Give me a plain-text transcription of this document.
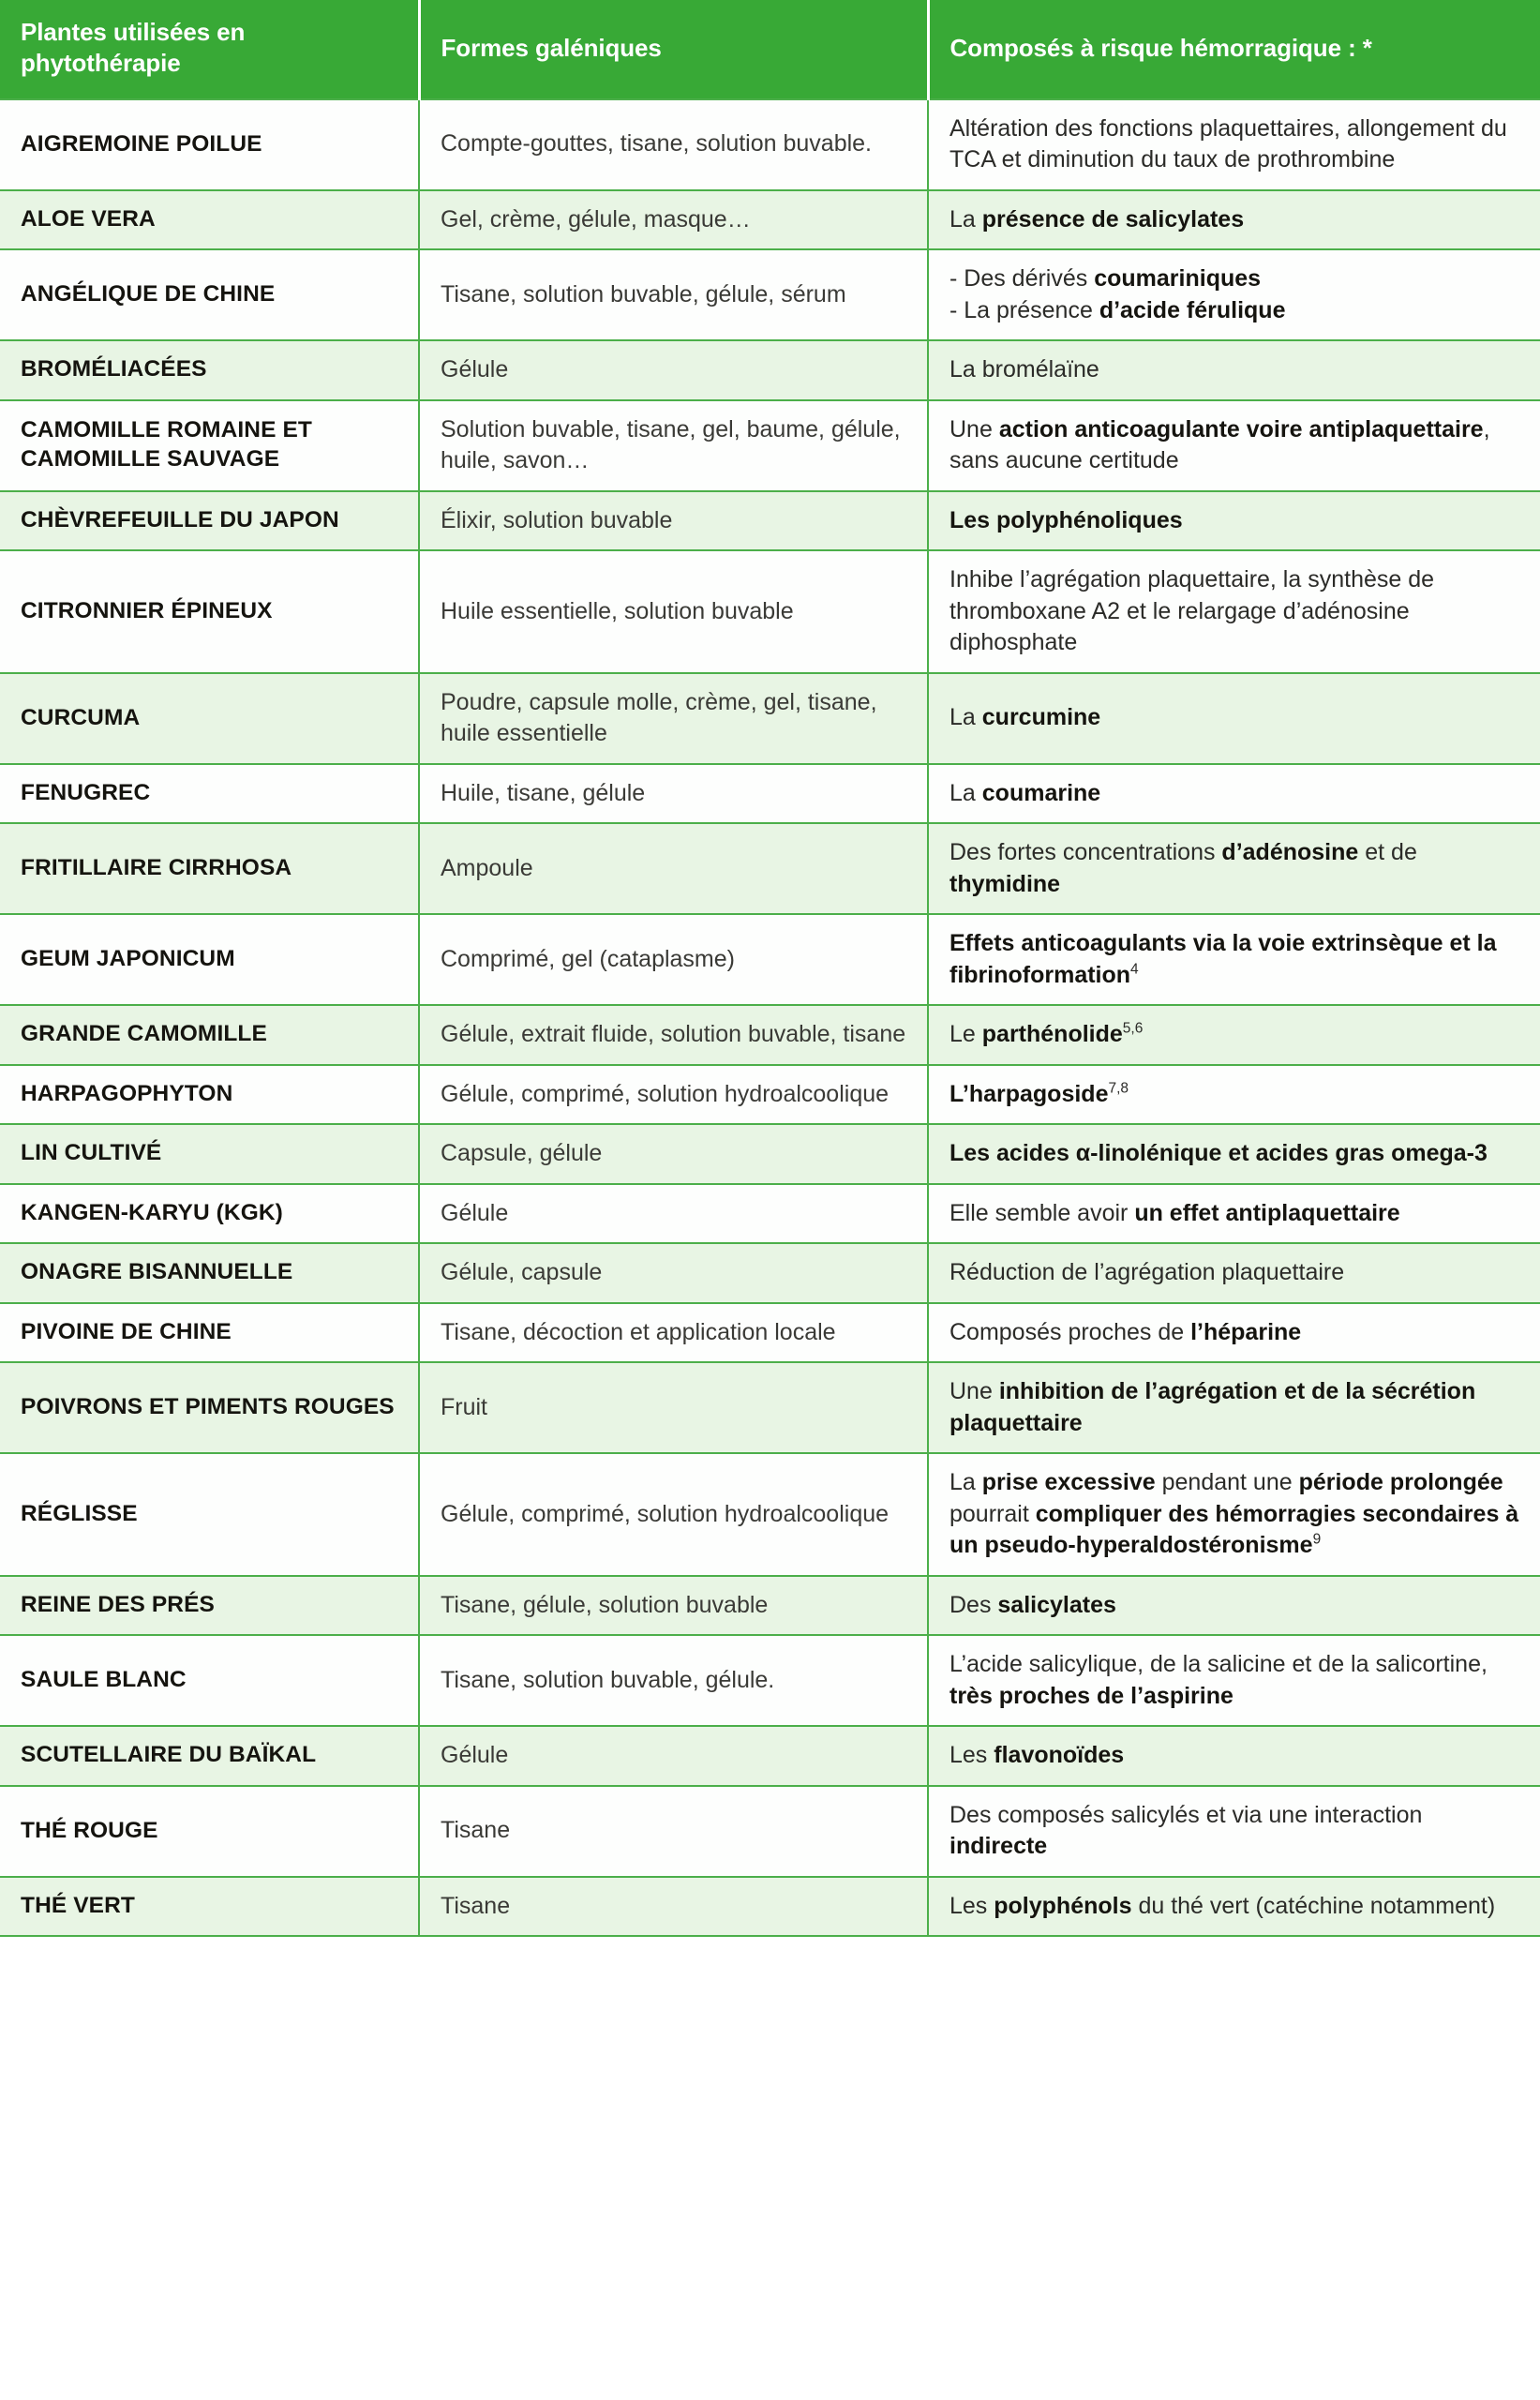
Plantes utilisées en phytothérapie	Formes galéniques	Composés à risque hémorragique : *
AIGREMOINE POILUE	Compte-gouttes, tisane, solution buvable.	Altération des fonctions plaquettaires, allongement du TCA et diminution du taux de prothrombine
ALOE VERA	Gel, crème, gélule, masque…	La présence de salicylates
ANGÉLIQUE DE CHINE	Tisane, solution buvable, gélule, sérum	- Des dérivés coumariniques
- La présence d’acide férulique
BROMÉLIACÉES	Gélule	La bromélaïne
CAMOMILLE ROMAINE ET CAMOMILLE SAUVAGE	Solution buvable, tisane, gel, baume, gélule, huile, savon…	Une action anticoagulante voire antiplaquettaire, sans aucune certitude
CHÈVREFEUILLE DU JAPON	Élixir, solution buvable	Les polyphénoliques
CITRONNIER ÉPINEUX	Huile essentielle, solution buvable	Inhibe l’agrégation plaquettaire, la synthèse de thromboxane A2 et le relargage d’adénosine diphosphate
CURCUMA	Poudre, capsule molle, crème, gel, tisane, huile essentielle	La curcumine
FENUGREC	Huile, tisane, gélule	La coumarine
FRITILLAIRE CIRRHOSA	Ampoule	Des fortes concentrations d’adénosine et de thymidine
GEUM JAPONICUM	Comprimé, gel (cataplasme)	Effets anticoagulants via la voie extrinsèque et la fibrinoformation$^4$
GRANDE CAMOMILLE	Gélule, extrait fluide, solution buvable, tisane	Le parthénolide$^{5,6}$
HARPAGOPHYTON	Gélule, comprimé, solution hydroalcoolique	L’harpagoside$^{7,8}$
LIN CULTIVÉ	Capsule, gélule	Les acides α-linolénique et acides gras omega-3
KANGEN-KARYU (KGK)	Gélule	Elle semble avoir un effet antiplaquettaire
ONAGRE BISANNUELLE	Gélule, capsule	Réduction de l’agrégation plaquettaire
PIVOINE DE CHINE	Tisane, décoction et application locale	Composés proches de l’héparine
POIVRONS ET PIMENTS ROUGES	Fruit	Une inhibition de l’agrégation et de la sécrétion plaquettaire
RÉGLISSE	Gélule, comprimé, solution hydroalcoolique	La prise excessive pendant une période prolongée pourrait compliquer des hémorragies secondaires à un pseudo-hyperaldostéronisme$^9$
REINE DES PRÉS	Tisane, gélule, solution buvable	Des salicylates
SAULE BLANC	Tisane, solution buvable, gélule.	L’acide salicylique, de la salicine et de la salicortine, très proches de l’aspirine
SCUTELLAIRE DU BAÏKAL	Gélule	Les flavonoïdes
THÉ ROUGE	Tisane	Des composés salicylés et via une interaction indirecte
THÉ VERT	Tisane	Les polyphénols du thé vert (catéchine notamment)
